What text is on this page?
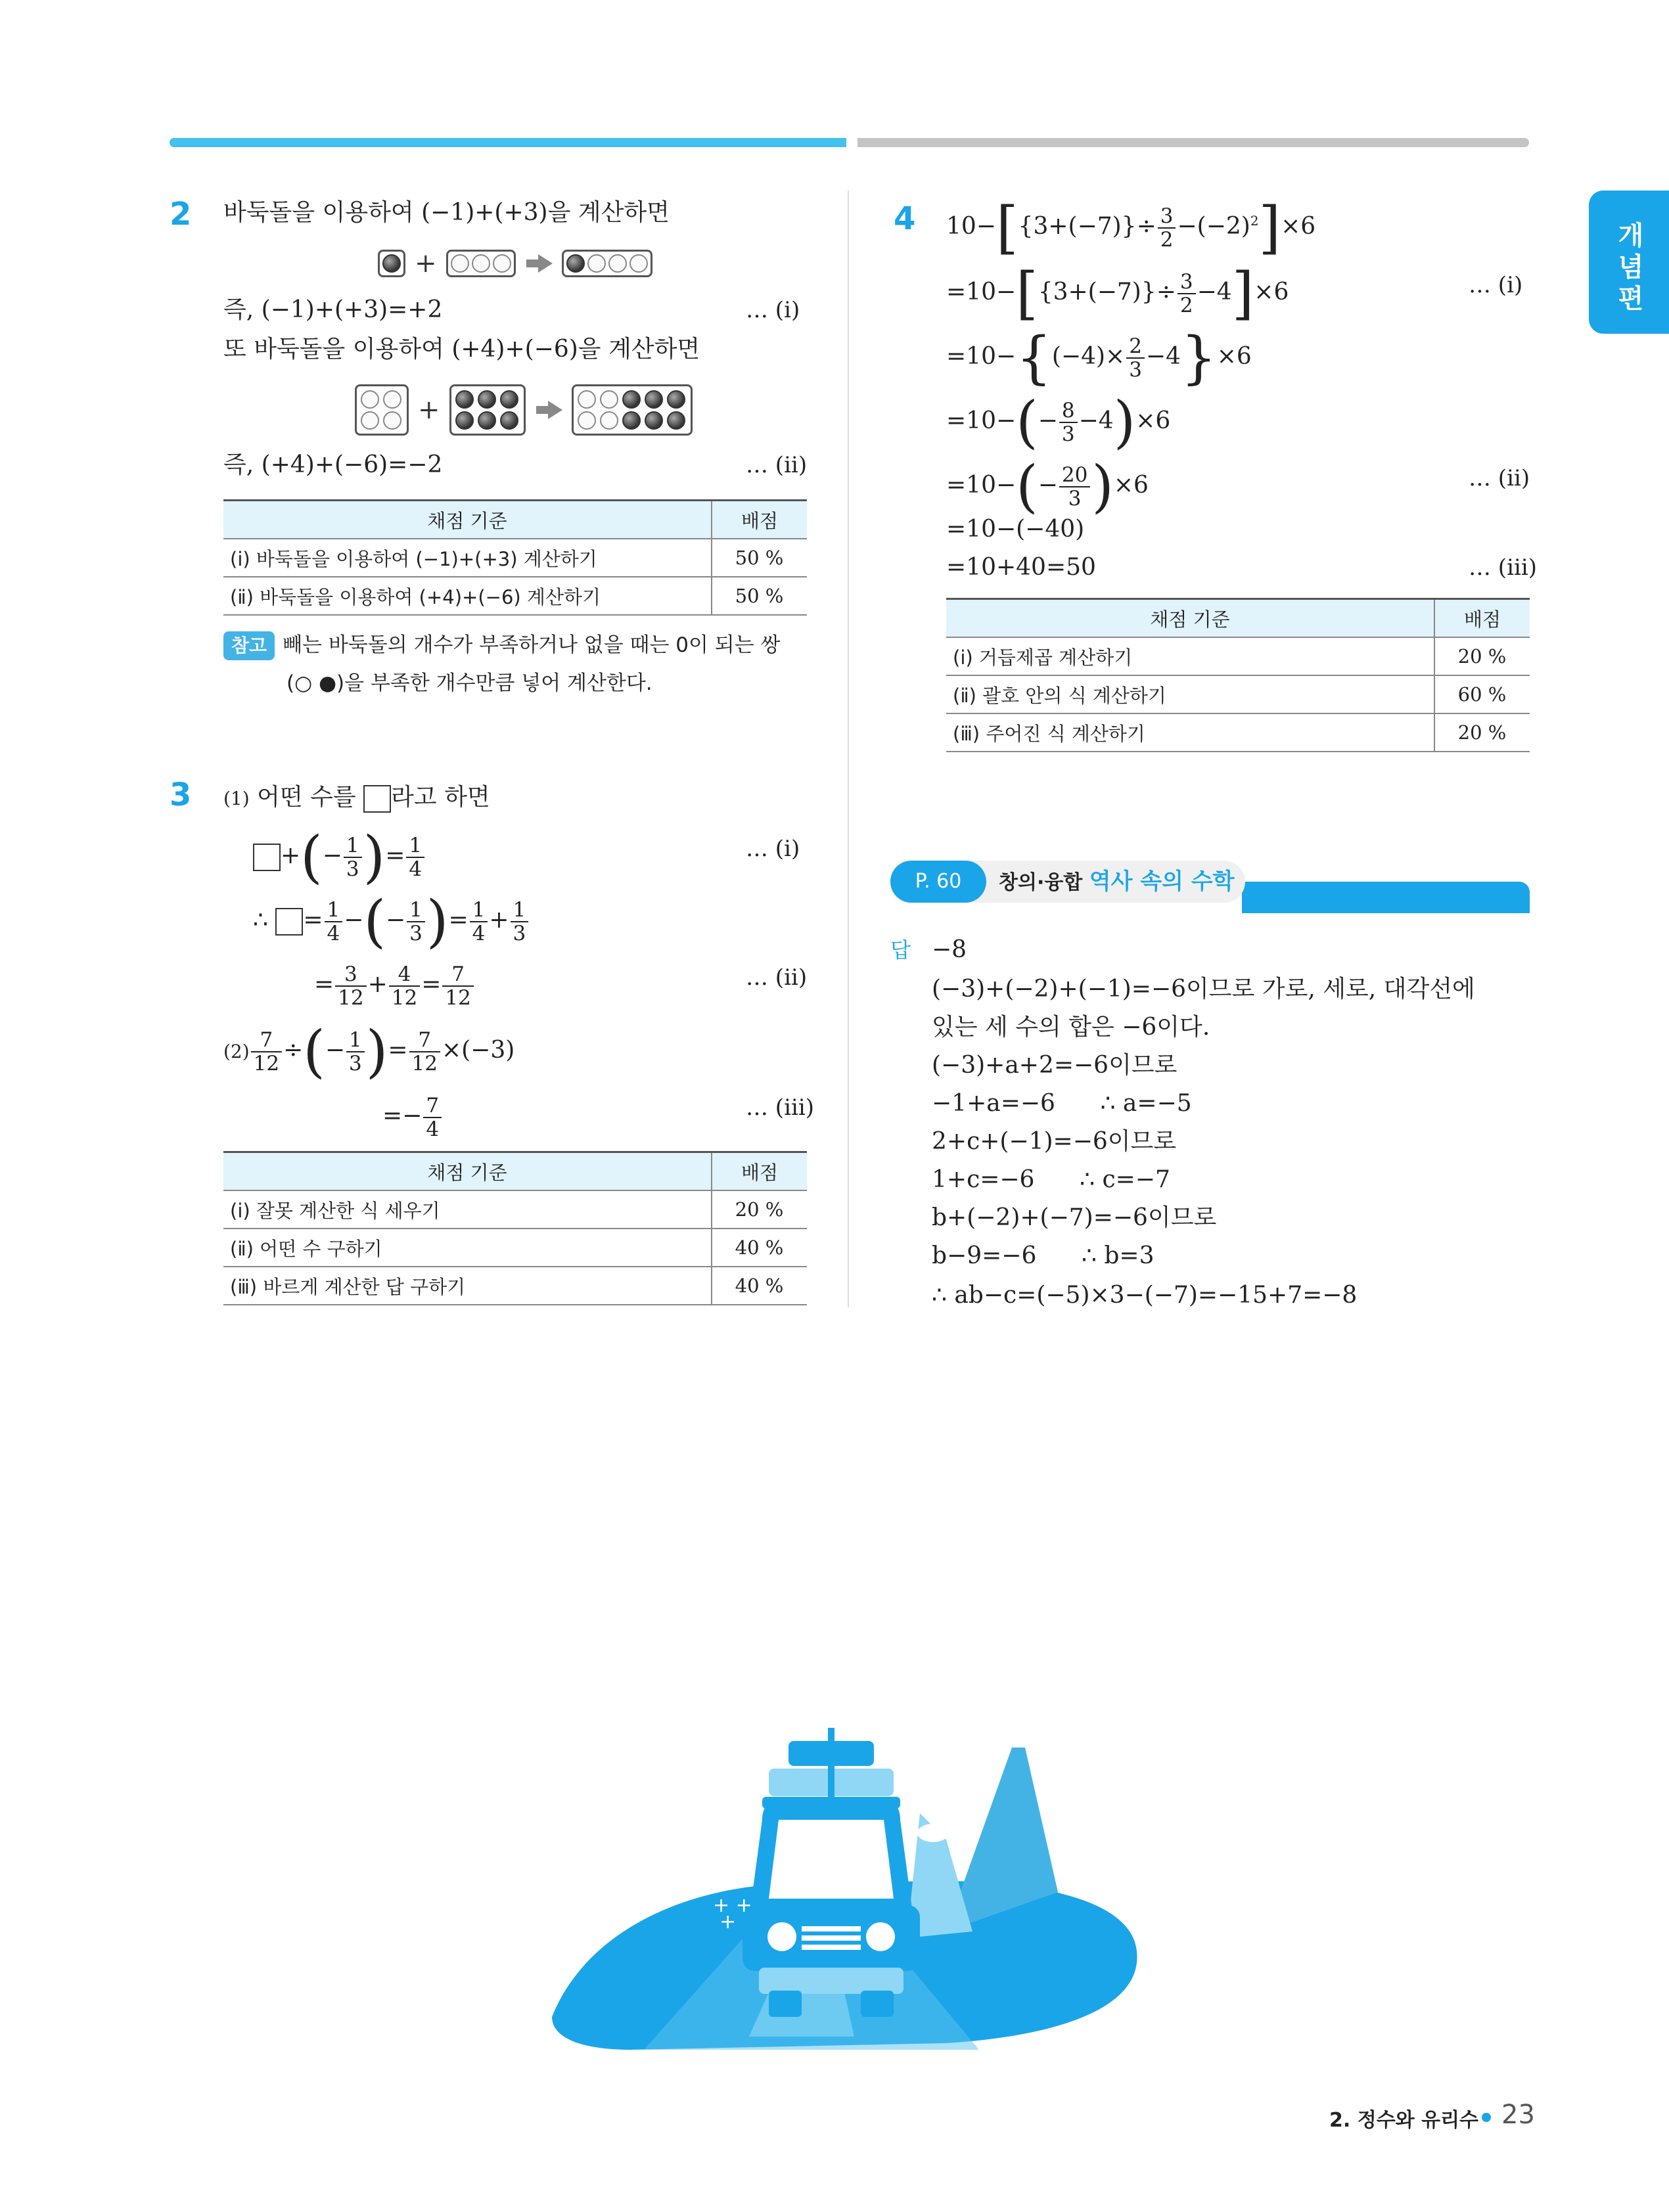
개념편
2 바둑돌을 이용하여 (−1)+(+3)을 계산하면
+
즉, (−1)+(+3)=+2	… (ⅰ)
또 바둑돌을 이용하여 (+4)+(−6)을 계산하면
+
즉, (+4)+(−6)=−2	… (ⅱ)
채점 기준	배점
(ⅰ) 바둑돌을 이용하여 (−1)+(+3) 계산하기	50 %
(ⅱ) 바둑돌을 이용하여 (+4)+(−6) 계산하기	50 %
참고 빼는 바둑돌의 개수가 부족하거나 없을 때는 0이 되는 쌍
(○ ●)을 부족한 개수만큼 넣어 계산한다.
3 (1) 어떤 수를 라고 하면
+(− $\frac{1}{3}$ )= $\frac{1}{4}$	… (ⅰ)
∴ = $\frac{1}{4}$ −(− $\frac{1}{3}$ )= $\frac{1}{4} + \frac{1}{3}$
= $\frac{3}{12} + \frac{4}{12} = \frac{7}{12}$	… (ⅱ)
$(2) \frac{7}{12}$ ÷(− $\frac{1}{3}$ )= $\frac{7}{12} \times(-3)$
=− $\frac{7}{4}$	… (ⅲ)
채점 기준	배점
(ⅰ) 잘못 계산한 식 세우기	20 %
(ⅱ) 어떤 수 구하기	40 %
(ⅲ) 바르게 계산한 답 구하기	40 %
4 $10-[\{3+(-7)\}\div \frac{3}{2} -(-2)^2]\times 6$
$=10-[\{3+(-7)\}\div \frac{3}{2} -4]\times 6$	… (ⅰ)
$=10-\{(-4)\times \frac{2}{3} -4\}\times 6$
$=10-(- \frac{8}{3} -4)\times 6$
$=10-(- \frac{20}{3} )\times 6$	… (ⅱ)
=10−(−40)
=10+40=50	… (ⅲ)
채점 기준	배점
(ⅰ) 거듭제곱 계산하기	20 %
(ⅱ) 괄호 안의 식 계산하기	60 %
(ⅲ) 주어진 식 계산하기	20 %
P. 60	창의·융합 역사 속의 수학
답 −8
(−3)+(−2)+(−1)=−6이므로 가로, 세로, 대각선에
있는 세 수의 합은 −6이다.
(−3)+a+2=−6이므로
−1+a=−6      ∴ a=−5
2+c+(−1)=−6이므로
1+c=−6      ∴ c=−7
b+(−2)+(−7)=−6이므로
b−9=−6      ∴ b=3
∴ ab−c=(−5)×3−(−7)=−15+7=−8
+ +
+
2. 정수와 유리수 23
